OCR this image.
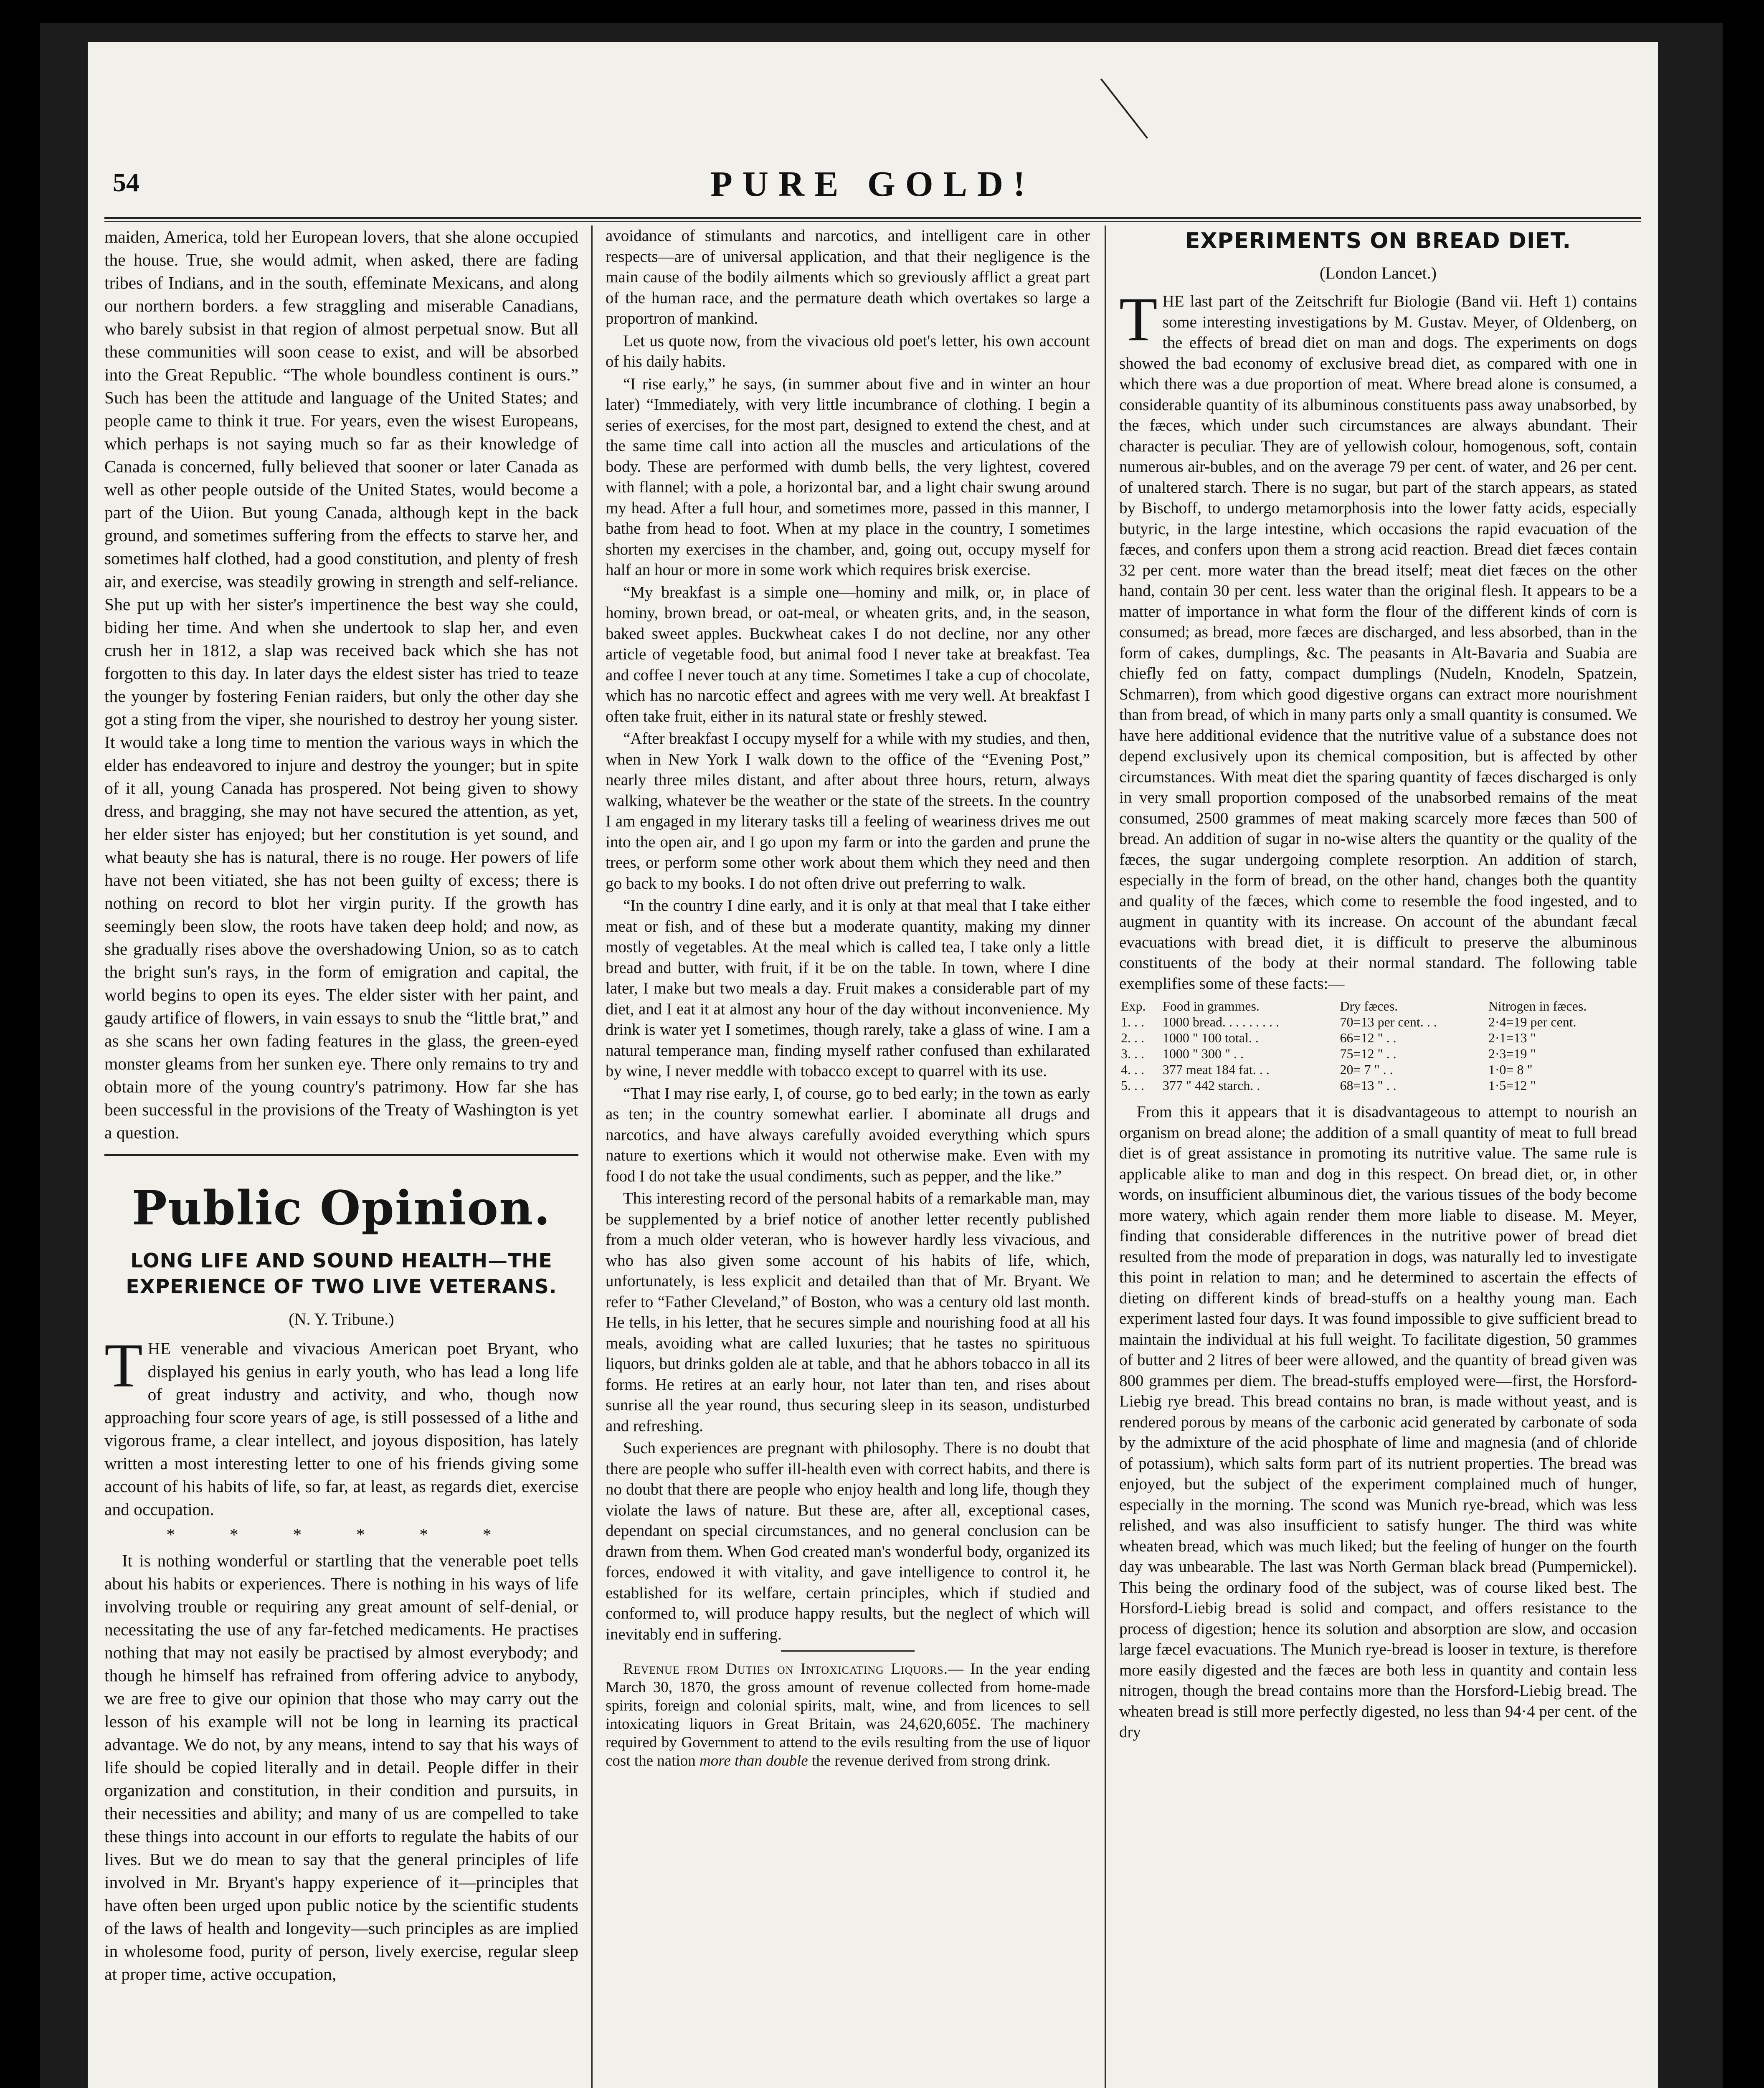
54	PURE GOLD!

maiden, America, told her European lovers, that she alone occupied the house. True, she would admit, when asked, there are fading tribes of Indians, and in the south, effeminate Mexicans, and along our northern borders. a few straggling and miserable Canadians, who barely subsist in that region of almost perpetual snow. But all these communities will soon cease to exist, and will be absorbed into the Great Republic. “The whole boundless continent is ours.” Such has been the attitude and language of the United States; and people came to think it true. For years, even the wisest Europeans, which perhaps is not saying much so far as their knowledge of Canada is concerned, fully believed that sooner or later Canada as well as other people outside of the United States, would become a part of the Uiion. But young Canada, although kept in the back ground, and sometimes suffering from the effects to starve her, and sometimes half clothed, had a good constitution, and plenty of fresh air, and exercise, was steadily growing in strength and self-reliance. She put up with her sister's impertinence the best way she could, biding her time. And when she undertook to slap her, and even crush her in 1812, a slap was received back which she has not forgotten to this day. In later days the eldest sister has tried to teaze the younger by fostering Fenian raiders, but only the other day she got a sting from the viper, she nourished to destroy her young sister. It would take a long time to mention the various ways in which the elder has endeavored to injure and destroy the younger; but in spite of it all, young Canada has prospered. Not being given to showy dress, and bragging, she may not have secured the attention, as yet, her elder sister has enjoyed; but her constitution is yet sound, and what beauty she has is natural, there is no rouge. Her powers of life have not been vitiated, she has not been guilty of excess; there is nothing on record to blot her virgin purity. If the growth has seemingly been slow, the roots have taken deep hold; and now, as she gradually rises above the overshadowing Union, so as to catch the bright sun's rays, in the form of emigration and capital, the world begins to open its eyes. The elder sister with her paint, and gaudy artifice of flowers, in vain essays to snub the “little brat,” and as she scans her own fading features in the glass, the green-eyed monster gleams from her sunken eye. There only remains to try and obtain more of the young country's patrimony. How far she has been successful in the provisions of the Treaty of Washington is yet a question.

Public Opinion.
LONG LIFE AND SOUND HEALTH—THE EXPERIENCE OF TWO LIVE VETERANS.
(N. Y. Tribune.)

THE venerable and vivacious American poet Bryant, who displayed his genius in early youth, who has lead a long life of great industry and activity, and who, though now approaching four score years of age, is still possessed of a lithe and vigorous frame, a clear intellect, and joyous disposition, has lately written a most interesting letter to one of his friends giving some account of his habits of life, so far, at least, as regards diet, exercise and occupation.

* * * * * *

It is nothing wonderful or startling that the venerable poet tells about his habits or experiences. There is nothing in his ways of life involving trouble or requiring any great amount of self-denial, or necessitating the use of any far-fetched medicaments. He practises nothing that may not easily be practised by almost everybody; and though he himself has refrained from offering advice to anybody, we are free to give our opinion that those who may carry out the lesson of his example will not be long in learning its practical advantage. We do not, by any means, intend to say that his ways of life should be copied literally and in detail. People differ in their organization and constitution, in their condition and pursuits, in their necessities and ability; and many of us are compelled to take these things into account in our efforts to regulate the habits of our lives. But we do mean to say that the general principles of life involved in Mr. Bryant's happy experience of it—principles that have often been urged upon public notice by the scientific students of the laws of health and longevity—such principles as are implied in wholesome food, purity of person, lively exercise, regular sleep at proper time, active occupation,

avoidance of stimulants and narcotics, and intelligent care in other respects—are of universal application, and that their negligence is the main cause of the bodily ailments which so greviously afflict a great part of the human race, and the permature death which overtakes so large a proportron of mankind.

Let us quote now, from the vivacious old poet's letter, his own account of his daily habits.

“I rise early,” he says, (in summer about five and in winter an hour later) “Immediately, with very little incumbrance of clothing. I begin a series of exercises, for the most part, designed to extend the chest, and at the same time call into action all the muscles and articulations of the body. These are performed with dumb bells, the very lightest, covered with flannel; with a pole, a horizontal bar, and a light chair swung around my head. After a full hour, and sometimes more, passed in this manner, I bathe from head to foot. When at my place in the country, I sometimes shorten my exercises in the chamber, and, going out, occupy myself for half an hour or more in some work which requires brisk exercise.

“My breakfast is a simple one—hominy and milk, or, in place of hominy, brown bread, or oat-meal, or wheaten grits, and, in the season, baked sweet apples. Buckwheat cakes I do not decline, nor any other article of vegetable food, but animal food I never take at breakfast. Tea and coffee I never touch at any time. Sometimes I take a cup of chocolate, which has no narcotic effect and agrees with me very well. At breakfast I often take fruit, either in its natural state or freshly stewed.

“After breakfast I occupy myself for a while with my studies, and then, when in New York I walk down to the office of the “Evening Post,” nearly three miles distant, and after about three hours, return, always walking, whatever be the weather or the state of the streets. In the country I am engaged in my literary tasks till a feeling of weariness drives me out into the open air, and I go upon my farm or into the garden and prune the trees, or perform some other work about them which they need and then go back to my books. I do not often drive out preferring to walk.

“In the country I dine early, and it is only at that meal that I take either meat or fish, and of these but a moderate quantity, making my dinner mostly of vegetables. At the meal which is called tea, I take only a little bread and butter, with fruit, if it be on the table. In town, where I dine later, I make but two meals a day. Fruit makes a considerable part of my diet, and I eat it at almost any hour of the day without inconvenience. My drink is water yet I sometimes, though rarely, take a glass of wine. I am a natural temperance man, finding myself rather confused than exhilarated by wine, I never meddle with tobacco except to quarrel with its use.

“That I may rise early, I, of course, go to bed early; in the town as early as ten; in the country somewhat earlier. I abominate all drugs and narcotics, and have always carefully avoided everything which spurs nature to exertions which it would not otherwise make. Even with my food I do not take the usual condiments, such as pepper, and the like.”

This interesting record of the personal habits of a remarkable man, may be supplemented by a brief notice of another letter recently published from a much older veteran, who is however hardly less vivacious, and who has also given some account of his habits of life, which, unfortunately, is less explicit and detailed than that of Mr. Bryant. We refer to “Father Cleveland,” of Boston, who was a century old last month. He tells, in his letter, that he secures simple and nourishing food at all his meals, avoiding what are called luxuries; that he tastes no spirituous liquors, but drinks golden ale at table, and that he abhors tobacco in all its forms. He retires at an early hour, not later than ten, and rises about sunrise all the year round, thus securing sleep in its season, undisturbed and refreshing.

Such experiences are pregnant with philosophy. There is no doubt that there are people who suffer ill-health even with correct habits, and there is no doubt that there are people who enjoy health and long life, though they violate the laws of nature. But these are, after all, exceptional cases, dependant on special circumstances, and no general conclusion can be drawn from them. When God created man's wonderful body, organized its forces, endowed it with vitality, and gave intelligence to control it, he established for its welfare, certain principles, which if studied and conformed to, will produce happy results, but the neglect of which will inevitably end in suffering.

Revenue from Duties on Intoxicating Liquors.— In the year ending March 30, 1870, the gross amount of revenue collected from home-made spirits, foreign and colonial spirits, malt, wine, and from licences to sell intoxicating liquors in Great Britain, was 24,620,605£. The machinery required by Government to attend to the evils resulting from the use of liquor cost the nation more than double the revenue derived from strong drink.

EXPERIMENTS ON BREAD DIET.
(London Lancet.)

THE last part of the Zeitschrift fur Biologie (Band vii. Heft 1) contains some interesting investigations by M. Gustav. Meyer, of Oldenberg, on the effects of bread diet on man and dogs. The experiments on dogs showed the bad economy of exclusive bread diet, as compared with one in which there was a due proportion of meat. Where bread alone is consumed, a considerable quantity of its albuminous constituents pass away unabsorbed, by the fæces, which under such circumstances are always abundant. Their character is peculiar. They are of yellowish colour, homogenous, soft, contain numerous air-bubles, and on the average 79 per cent. of water, and 26 per cent. of unaltered starch. There is no sugar, but part of the starch appears, as stated by Bischoff, to undergo metamorphosis into the lower fatty acids, especially butyric, in the large intestine, which occasions the rapid evacuation of the fæces, and confers upon them a strong acid reaction. Bread diet fæces contain 32 per cent. more water than the bread itself; meat diet fæces on the other hand, contain 30 per cent. less water than the original flesh. It appears to be a matter of importance in what form the flour of the different kinds of corn is consumed; as bread, more fæces are discharged, and less absorbed, than in the form of cakes, dumplings, &c. The peasants in Alt-Bavaria and Suabia are chiefly fed on fatty, compact dumplings (Nudeln, Knodeln, Spatzein, Schmarren), from which good digestive organs can extract more nourishment than from bread, of which in many parts only a small quantity is consumed. We have here additional evidence that the nutritive value of a substance does not depend exclusively upon its chemical composition, but is affected by other circumstances. With meat diet the sparing quantity of fæces discharged is only in very small proportion composed of the unabsorbed remains of the meat consumed, 2500 grammes of meat making scarcely more fæces than 500 of bread. An addition of sugar in no-wise alters the quantity or the quality of the fæces, the sugar undergoing complete resorption. An addition of starch, especially in the form of bread, on the other hand, changes both the quantity and quality of the fæces, which come to resemble the food ingested, and to augment in quantity with its increase. On account of the abundant fæcal evacuations with bread diet, it is difficult to preserve the albuminous constituents of the body at their normal standard. The following table exemplifies some of these facts:—

Exp.	Food in grammes.	Dry fæces.	Nitrogen in fæces.
1. . .	1000 bread. . . . . . . . .	70=13 per cent. . .	2·4=19 per cent.
2. . .	1000 " 100 total. .	66=12 " . .	2·1=13 "
3. . .	1000 " 300 " . .	75=12 " . .	2·3=19 "
4. . .	377 meat 184 fat. . .	20= 7 " . .	1·0= 8 "
5. . .	377 " 442 starch. .	68=13 " . .	1·5=12 "

From this it appears that it is disadvantageous to attempt to nourish an organism on bread alone; the addition of a small quantity of meat to full bread diet is of great assistance in promoting its nutritive value. The same rule is applicable alike to man and dog in this respect. On bread diet, or, in other words, on insufficient albuminous diet, the various tissues of the body become more watery, which again render them more liable to disease. M. Meyer, finding that considerable differences in the nutritive power of bread diet resulted from the mode of preparation in dogs, was naturally led to investigate this point in relation to man; and he determined to ascertain the effects of dieting on different kinds of bread-stuffs on a healthy young man. Each experiment lasted four days. It was found impossible to give sufficient bread to maintain the individual at his full weight. To facilitate digestion, 50 grammes of butter and 2 litres of beer were allowed, and the quantity of bread given was 800 grammes per diem. The bread-stuffs employed were—first, the Horsford-Liebig rye bread. This bread contains no bran, is made without yeast, and is rendered porous by means of the carbonic acid generated by carbonate of soda by the admixture of the acid phosphate of lime and magnesia (and of chloride of potassium), which salts form part of its nutrient properties. The bread was enjoyed, but the subject of the experiment complained much of hunger, especially in the morning. The scond was Munich rye-bread, which was less relished, and was also insufficient to satisfy hunger. The third was white wheaten bread, which was much liked; but the feeling of hunger on the fourth day was unbearable. The last was North German black bread (Pumpernickel). This being the ordinary food of the subject, was of course liked best. The Horsford-Liebig bread is solid and compact, and offers resistance to the process of digestion; hence its solution and absorption are slow, and occasion large fæcel evacuations. The Munich rye-bread is looser in texture, is therefore more easily digested and the fæces are both less in quantity and contain less nitrogen, though the bread contains more than the Horsford-Liebig bread. The wheaten bread is still more perfectly digested, no less than 94·4 per cent. of the dry
